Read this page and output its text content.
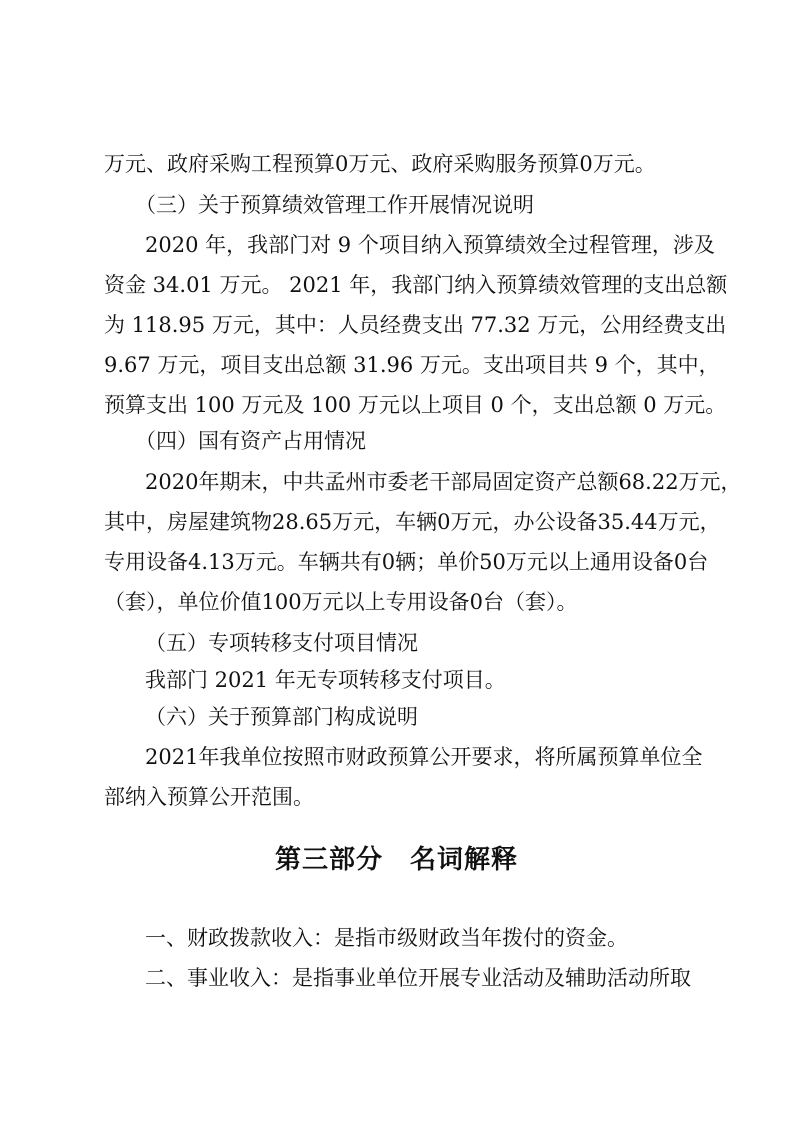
万元、政府采购工程预算0万元、政府采购服务预算0万元。
（三）关于预算绩效管理工作开展情况说明
2020 年，我部门对 9 个项目纳入预算绩效全过程管理，涉及
资金 34.01 万元。 2021 年，我部门纳入预算绩效管理的支出总额
为 118.95 万元，其中：人员经费支出 77.32 万元，公用经费支出
9.67 万元，项目支出总额 31.96 万元。支出项目共 9 个，其中，
预算支出 100 万元及 100 万元以上项目 0 个，支出总额 0 万元。
（四）国有资产占用情况
2020年期末，中共孟州市委老干部局固定资产总额68.22万元，
其中，房屋建筑物28.65万元，车辆0万元，办公设备35.44万元，
专用设备4.13万元。车辆共有0辆；单价50万元以上通用设备0台
（套），单位价值100万元以上专用设备0台（套）。
（五）专项转移支付项目情况
我部门 2021 年无专项转移支付项目。
（六）关于预算部门构成说明
2021年我单位按照市财政预算公开要求，将所属预算单位全
部纳入预算公开范围。
第三部分　名词解释
一、财政拨款收入：是指市级财政当年拨付的资金。
二、事业收入：是指事业单位开展专业活动及辅助活动所取
